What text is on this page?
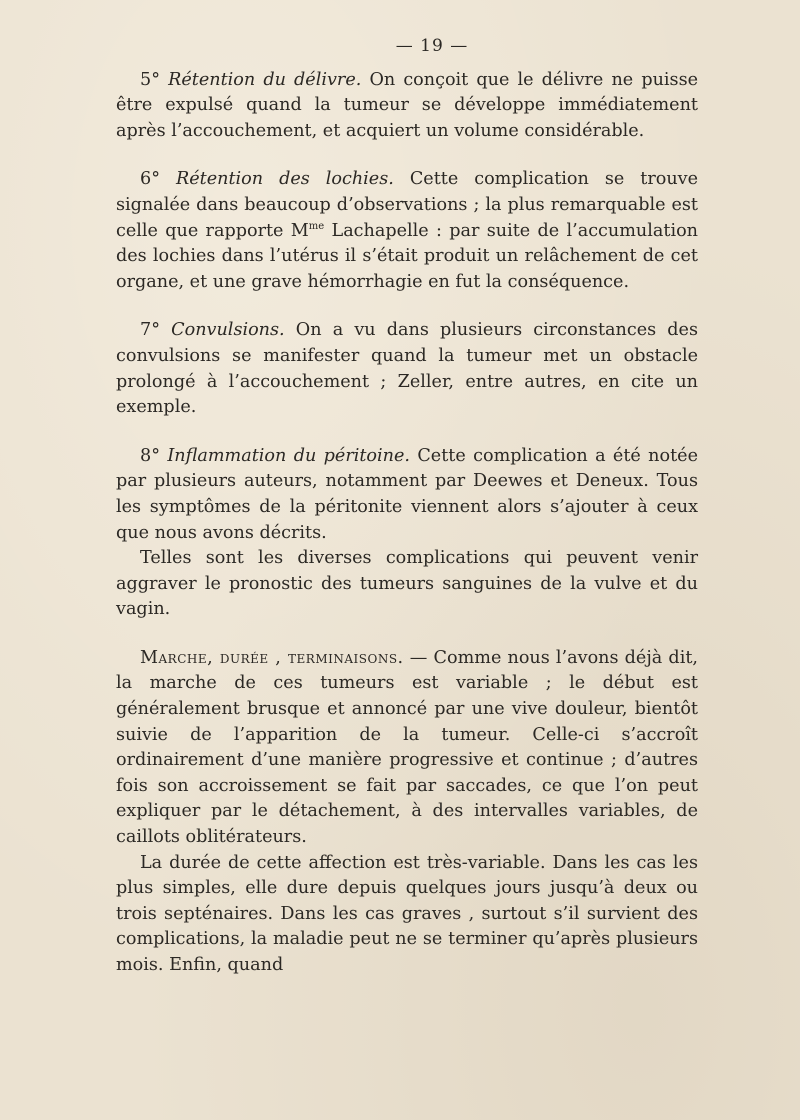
— 19 —

5° Rétention du délivre. On conçoit que le délivre ne puisse être expulsé quand la tumeur se développe immédiatement après l’accouchement, et acquiert un volume considérable.

6° Rétention des lochies. Cette complication se trouve signalée dans beaucoup d’observations ; la plus remarquable est celle que rapporte $M^{me}$ Lachapelle : par suite de l’accumulation des lochies dans l’utérus il s’était produit un relâchement de cet organe, et une grave hémorrhagie en fut la conséquence.

7° Convulsions. On a vu dans plusieurs circonstances des convulsions se manifester quand la tumeur met un obstacle prolongé à l’accouchement ; Zeller, entre autres, en cite un exemple.

8° Inflammation du péritoine. Cette complication a été notée par plusieurs auteurs, notamment par Deewes et Deneux. Tous les symptômes de la péritonite viennent alors s’ajouter à ceux que nous avons décrits.

Telles sont les diverses complications qui peuvent venir aggraver le pronostic des tumeurs sanguines de la vulve et du vagin.

Marche, durée , terminaisons. — Comme nous l’avons déjà dit, la marche de ces tumeurs est variable ; le début est généralement brusque et annoncé par une vive douleur, bientôt suivie de l’apparition de la tumeur. Celle-ci s’accroît ordinairement d’une manière progressive et continue ; d’autres fois son accroissement se fait par saccades, ce que l’on peut expliquer par le détachement, à des intervalles variables, de caillots oblitérateurs.

La durée de cette affection est très-variable. Dans les cas les plus simples, elle dure depuis quelques jours jusqu’à deux ou trois septénaires. Dans les cas graves , surtout s’il survient des complications, la maladie peut ne se terminer qu’après plusieurs mois. Enfin, quand
